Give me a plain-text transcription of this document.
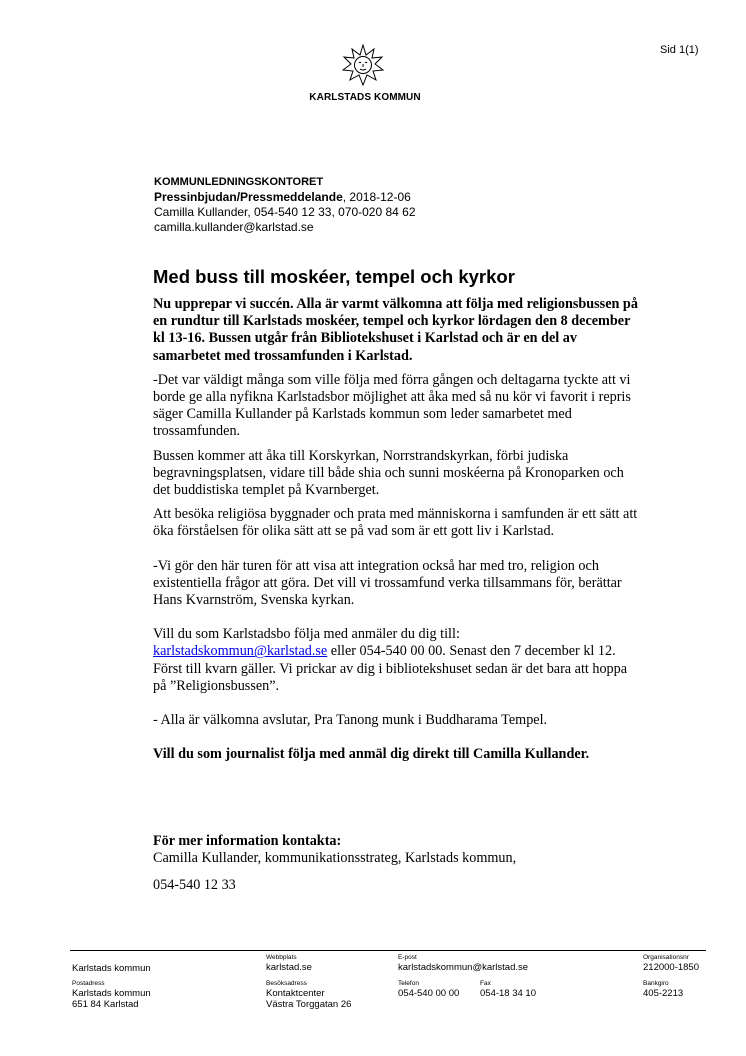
Sid 1(1)
KARLSTADS KOMMUN
KOMMUNLEDNINGSKONTORET
Pressinbjudan/Pressmeddelande, 2018-12-06
Camilla Kullander, 054-540 12 33, 070-020 84 62
camilla.kullander@karlstad.se
Med buss till moskéer, tempel och kyrkor

Nu upprepar vi succén. Alla är varmt välkomna att följa med religionsbussen på en rundtur till Karlstads moskéer, tempel och kyrkor lördagen den 8 december kl 13-16. Bussen utgår från Bibliotekshuset i Karlstad och är en del av samarbetet med trossamfunden i Karlstad.

-Det var väldigt många som ville följa med förra gången och deltagarna tyckte att vi borde ge alla nyfikna Karlstadsbor möjlighet att åka med så nu kör vi favorit i repris säger Camilla Kullander på Karlstads kommun som leder samarbetet med trossamfunden.

Bussen kommer att åka till Korskyrkan, Norrstrandskyrkan, förbi judiska begravningsplatsen, vidare till både shia och sunni moskéerna på Kronoparken och det buddistiska templet på Kvarnberget.

Att besöka religiösa byggnader och prata med människorna i samfunden är ett sätt att öka förståelsen för olika sätt att se på vad som är ett gott liv i Karlstad.

-Vi gör den här turen för att visa att integration också har med tro, religion och existentiella frågor att göra. Det vill vi trossamfund verka tillsammans för, berättar Hans Kvarnström, Svenska kyrkan.

Vill du som Karlstadsbo följa med anmäler du dig till:
karlstadskommun@karlstad.se eller 054-540 00 00. Senast den 7 december kl 12. Först till kvarn gäller. Vi prickar av dig i bibliotekshuset sedan är det bara att hoppa på ”Religionsbussen”.

- Alla är välkomna avslutar, Pra Tanong munk i Buddharama Tempel.

Vill du som journalist följa med anmäl dig direkt till Camilla Kullander.

För mer information kontakta:
Camilla Kullander, kommunikationsstrateg, Karlstads kommun,
054-540 12 33
Karlstads kommun
Webbplats
karlstad.se
E-post
karlstadskommun@karlstad.se
Organisationsnr
212000-1850
Postadress
Karlstads kommun
651 84 Karlstad
Besöksadress
Kontaktcenter
Västra Torggatan 26
Telefon
054-540 00 00
Fax
054-18 34 10
Bankgiro
405-2213
